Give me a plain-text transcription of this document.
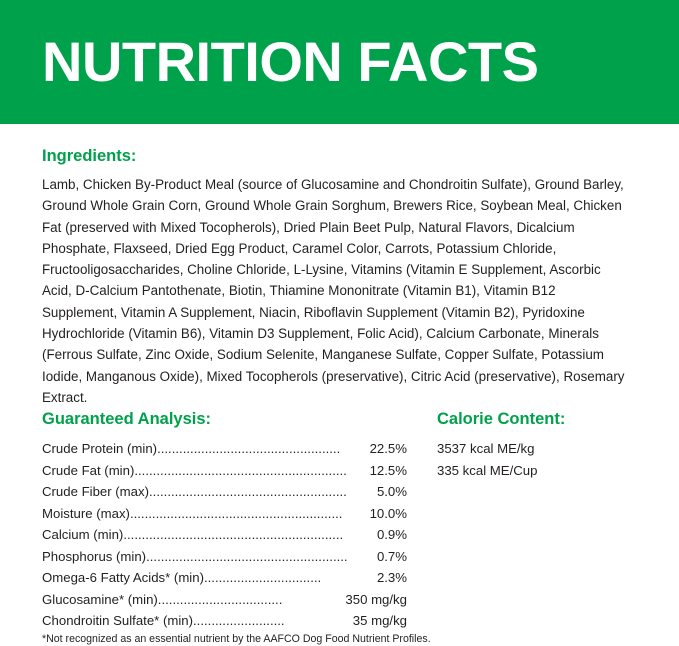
NUTRITION FACTS
Ingredients:
Lamb, Chicken By-Product Meal (source of Glucosamine and Chondroitin Sulfate), Ground Barley, Ground Whole Grain Corn, Ground Whole Grain Sorghum, Brewers Rice, Soybean Meal, Chicken Fat (preserved with Mixed Tocopherols), Dried Plain Beet Pulp, Natural Flavors, Dicalcium Phosphate, Flaxseed, Dried Egg Product, Caramel Color, Carrots, Potassium Chloride, Fructooligosaccharides, Choline Chloride, L-Lysine, Vitamins (Vitamin E Supplement, Ascorbic Acid, D-Calcium Pantothenate, Biotin, Thiamine Mononitrate (Vitamin B1), Vitamin B12 Supplement, Vitamin A Supplement, Niacin, Riboflavin Supplement (Vitamin B2), Pyridoxine Hydrochloride (Vitamin B6), Vitamin D3 Supplement, Folic Acid), Calcium Carbonate, Minerals (Ferrous Sulfate, Zinc Oxide, Sodium Selenite, Manganese Sulfate, Copper Sulfate, Potassium Iodide, Manganous Oxide), Mixed Tocopherols (preservative), Citric Acid (preservative), Rosemary Extract.
Guaranteed Analysis:
Crude Protein (min)	22.5%
..................................................
Crude Fat (min)	12.5%
..........................................................
Crude Fiber (max)	5.0%
......................................................
Moisture (max)	10.0%
..........................................................
Calcium (min)	0.9%
............................................................
Phosphorus (min)	0.7%
.......................................................
Omega-6 Fatty Acids* (min)	2.3%
................................
Glucosamine* (min)	350 mg/kg
..................................
Chondroitin Sulfate* (min)	35 mg/kg
.........................
Calorie Content:
3537 kcal ME/kg
335 kcal ME/Cup
*Not recognized as an essential nutrient by the AAFCO Dog Food Nutrient Profiles.
